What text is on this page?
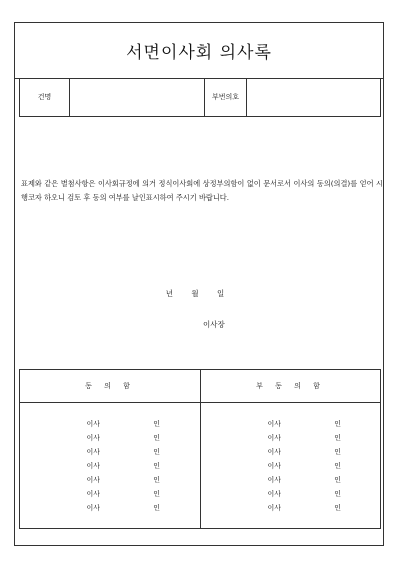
서면이사회 의사록
건명	부번의호
표제와 같은 별첨사항은 이사회규정에 의거 정식이사회에 상정부의함이 없이 문서로서 이사의 동의(의결)를 얻어 시행코자 하오니 검토 후 동의 여부를 날인표시하여 주시기 바랍니다.
년 월 일
이사장
동 의 함
이사	인
이사	인
이사	인
이사	인
이사	인
이사	인
이사	인
부 동 의 함
이사	인
이사	인
이사	인
이사	인
이사	인
이사	인
이사	인
